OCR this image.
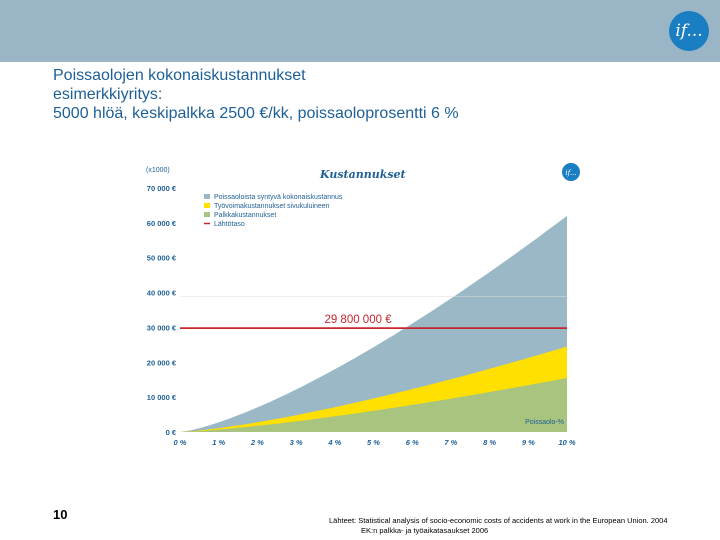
if...
Poissaolojen kokonaiskustannukset
esimerkkiyritys:
5000 hlöä, keskipalkka 2500 €/kk, poissaoloprosentti 6 %
0 €
10 000 €
20 000 €
30 000 €
40 000 €
50 000 €
60 000 €
70 000 €
0 %	1 %	2 %	3 %	4 %	5 %	6 %	7 %	8 %	9 %	10 %
(x1000)	Kustannukset	if...
Poissaoloista syntyvä kokonaiskustannus
Työvoimakustannukset sivukuluineen
Palkkakustannukset
Lähtötaso
29 800 000 €
Poissaolo-%
10	Lähteet: Statistical analysis of socio-economic costs of accidents at work in the European Union. 2004
EK:n palkka- ja työaikatasaukset 2006
